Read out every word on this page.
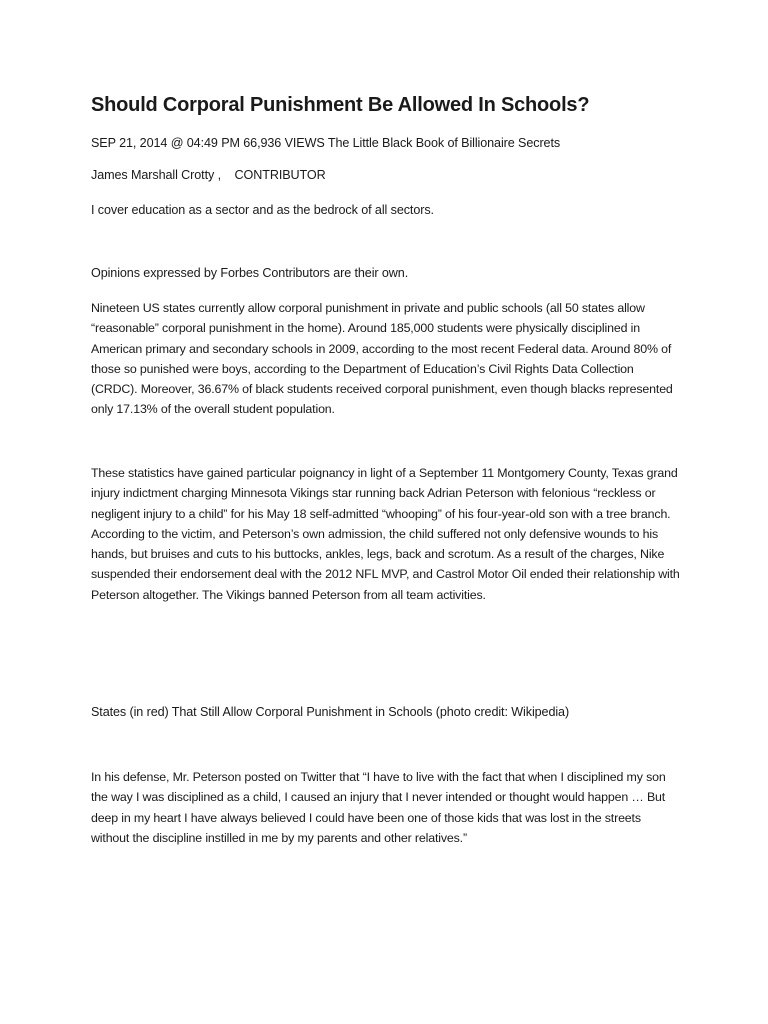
Should Corporal Punishment Be Allowed In Schools?
SEP 21, 2014 @ 04:49 PM 66,936 VIEWS The Little Black Book of Billionaire Secrets
James Marshall Crotty ,    CONTRIBUTOR
I cover education as a sector and as the bedrock of all sectors.
Opinions expressed by Forbes Contributors are their own.
Nineteen US states currently allow corporal punishment in private and public schools (all 50 states allow “reasonable” corporal punishment in the home). Around 185,000 students were physically disciplined in American primary and secondary schools in 2009, according to the most recent Federal data. Around 80% of those so punished were boys, according to the Department of Education’s Civil Rights Data Collection (CRDC). Moreover, 36.67% of black students received corporal punishment, even though blacks represented only 17.13% of the overall student population.
These statistics have gained particular poignancy in light of a September 11 Montgomery County, Texas grand injury indictment charging Minnesota Vikings star running back Adrian Peterson with felonious “reckless or negligent injury to a child” for his May 18 self-admitted “whooping” of his four-year-old son with a tree branch. According to the victim, and Peterson’s own admission, the child suffered not only defensive wounds to his hands, but bruises and cuts to his buttocks, ankles, legs, back and scrotum. As a result of the charges, Nike suspended their endorsement deal with the 2012 NFL MVP, and Castrol Motor Oil ended their relationship with Peterson altogether. The Vikings banned Peterson from all team activities.
States (in red) That Still Allow Corporal Punishment in Schools (photo credit: Wikipedia)
In his defense, Mr. Peterson posted on Twitter that “I have to live with the fact that when I disciplined my son the way I was disciplined as a child, I caused an injury that I never intended or thought would happen … But deep in my heart I have always believed I could have been one of those kids that was lost in the streets without the discipline instilled in me by my parents and other relatives.”
